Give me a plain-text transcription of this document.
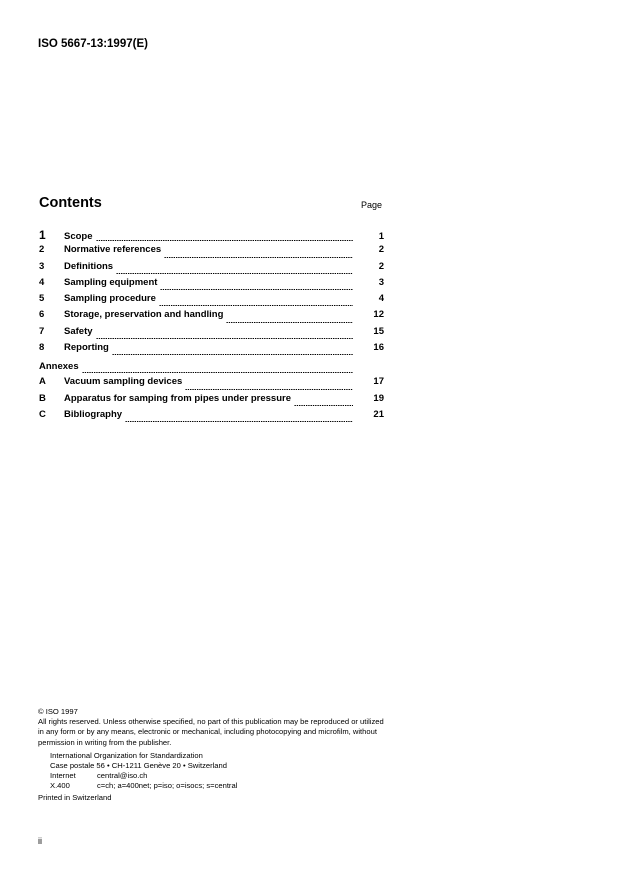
ISO 5667-13:1997(E)
Contents	Page
1	Scope	1
2	Normative references	2
3	Definitions	2
4	Sampling equipment	3
5	Sampling procedure	4
6	Storage, preservation and handling	12
7	Safety	15
8	Reporting	16
Annexes
A	Vacuum sampling devices	17
B	Apparatus for samping from pipes under pressure	19
C	Bibliography	21
© ISO 1997
All rights reserved. Unless otherwise specified, no part of this publication may be reproduced or utilized
in any form or by any means, electronic or mechanical, including photocopying and microfilm, without
permission in writing from the publisher.
International Organization for Standardization
Case postale 56 • CH-1211 Genève 20 • Switzerland
Internet	central@iso.ch
X.400	c=ch; a=400net; p=iso; o=isocs; s=central
Printed in Switzerland
ii
